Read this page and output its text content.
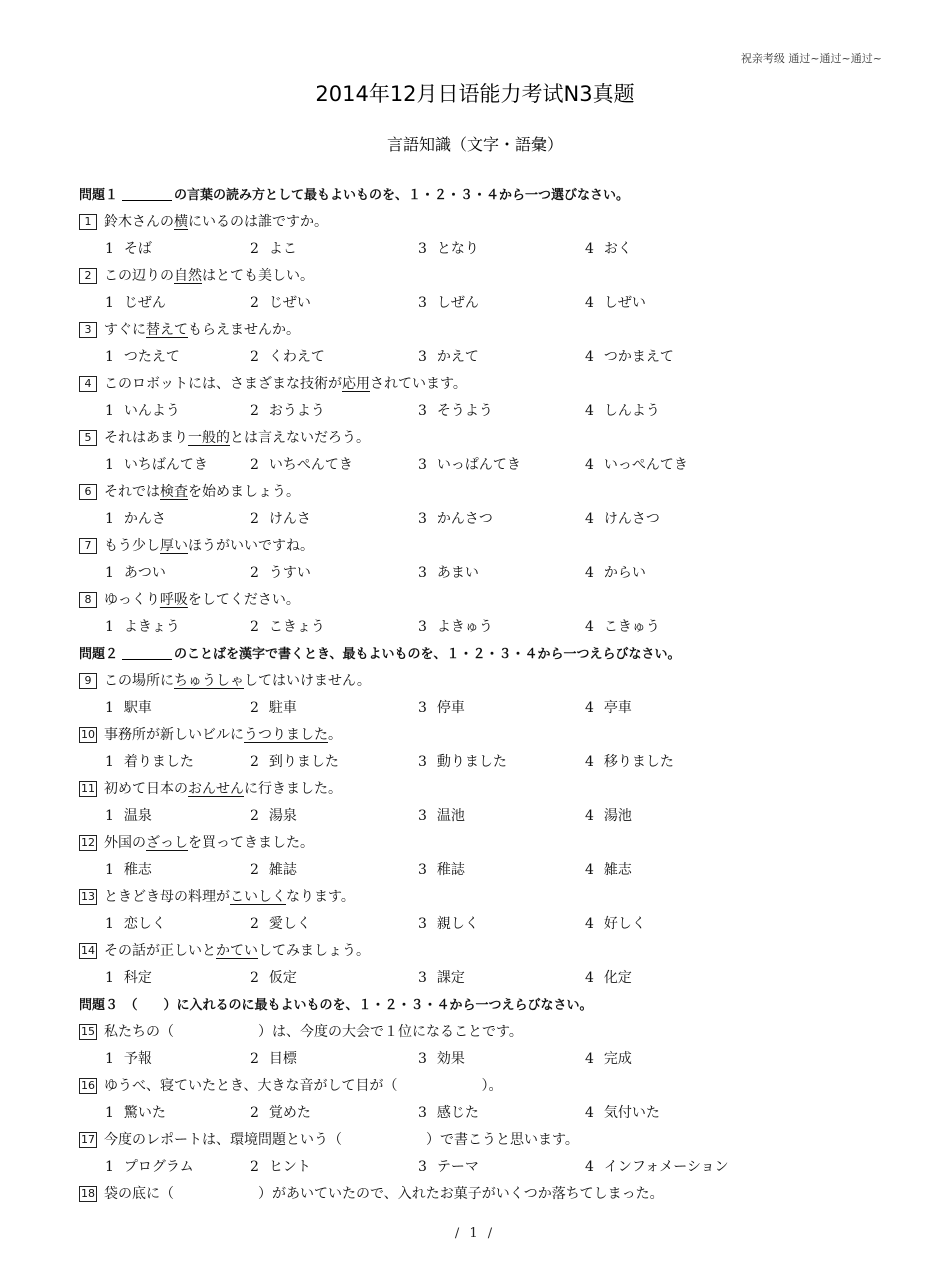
祝亲考级 通过~通过~通过~
2014年12月日语能力考试N3真题
言語知識（文字・語彙）
問題１	の言葉の読み方として最もよいものを、１・２・３・４から一つ選びなさい。
1 鈴木さんの横にいるのは誰ですか。
1 そば	2 よこ	3 となり	4 おく
2 この辺りの自然はとても美しい。
1 じぜん	2 じぜい	3 しぜん	4 しぜい
3 すぐに替えてもらえませんか。
1 つたえて	2 くわえて	3 かえて	4 つかまえて
4 このロボットには、さまざまな技術が応用されています。
1 いんよう	2 おうよう	3 そうよう	4 しんよう
5 それはあまり一般的とは言えないだろう。
1 いちばんてき	2 いちぺんてき	3 いっぱんてき	4 いっぺんてき
6 それでは検査を始めましょう。
1 かんさ	2 けんさ	3 かんさつ	4 けんさつ
7 もう少し厚いほうがいいですね。
1 あつい	2 うすい	3 あまい	4 からい
8 ゆっくり呼吸をしてください。
1 よきょう	2 こきょう	3 よきゅう	4 こきゅう
問題２	のことばを漢字で書くとき、最もよいものを、１・２・３・４から一つえらびなさい。
9 この場所にちゅうしゃしてはいけません。
1 駅車	2 駐車	3 停車	4 亭車
10 事務所が新しいビルにうつりました。
1 着りました	2 到りました	3 動りました	4 移りました
11 初めて日本のおんせんに行きました。
1 温泉	2 湯泉	3 温池	4 湯池
12 外国のざっしを買ってきました。
1 稚志	2 雑誌	3 稚誌	4 雑志
13 ときどき母の料理がこいしくなります。
1 恋しく	2 愛しく	3 親しく	4 好しく
14 その話が正しいとかていしてみましょう。
1 科定	2 仮定	3 課定	4 化定
問題３　 （　　）に入れるのに最もよいものを、１・２・３・４から一つえらびなさい。
15 私たちの（　　　　　　）は、今度の大会で１位になることです。
1 予報	2 目標	3 効果	4 完成
16 ゆうべ、寝ていたとき、大きな音がして目が（　　　　　　）。
1 驚いた	2 覚めた	3 感じた	4 気付いた
17 今度のレポートは、環境問題という（　　　　　　）で書こうと思います。
1 プログラム	2 ヒント	3 テーマ	4 インフォメーション
18 袋の底に（　　　　　　）があいていたので、入れたお菓子がいくつか落ちてしまった。
/ 1 /
